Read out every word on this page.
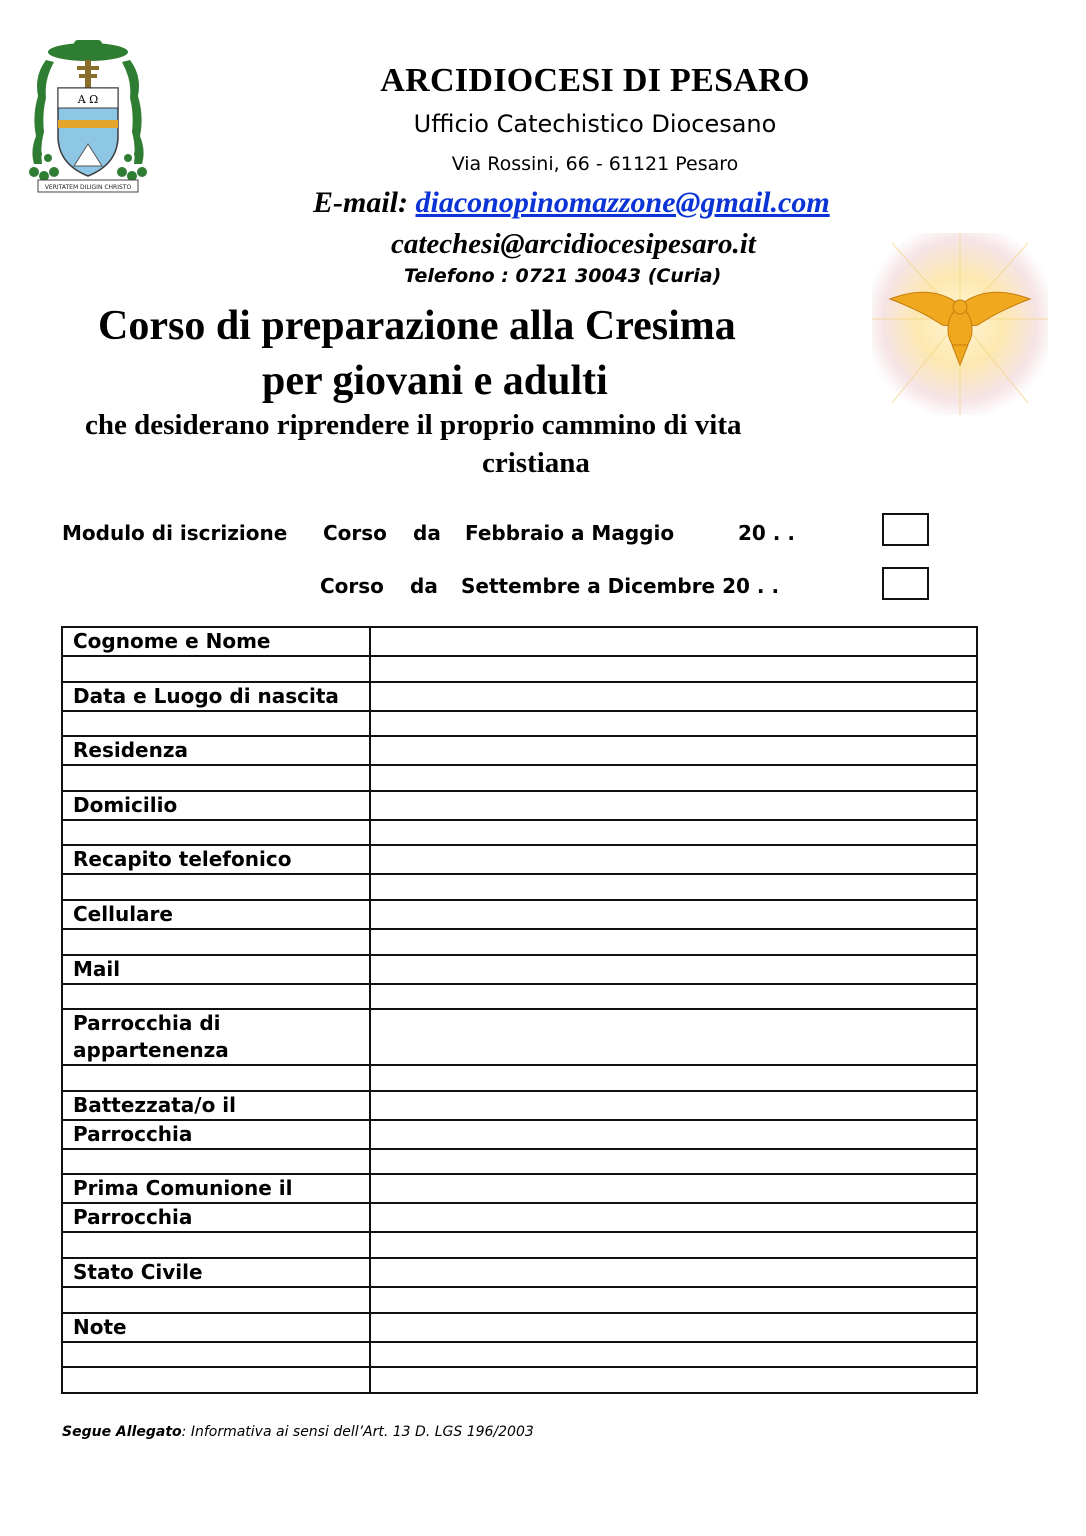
Α Ω
VERITATEM DILIGIN CHRISTO
ARCIDIOCESI DI PESARO
Ufficio Catechistico Diocesano
Via Rossini, 66 - 61121 Pesaro
E-mail: diaconopinomazzone@gmail.com
catechesi@arcidiocesipesaro.it
Telefono : 0721 30043 (Curia)
Corso di preparazione alla Cresima
per giovani e adulti
che desiderano riprendere il proprio cammino di vita
cristiana
Modulo di iscrizione Corso da Febbraio a Maggio	20 . .
Corso da Settembre a Dicembre 20 . .
Cognome e Nome	

Data e Luogo di nascita	

Residenza	

Domicilio	

Recapito telefonico	

Cellulare	

Mail	

Parrocchia di appartenenza	

Battezzata/o il	
Parrocchia	

Prima Comunione il	
Parrocchia	

Stato Civile	

Note	

Segue Allegato: Informativa ai sensi dell’Art. 13 D. LGS 196/2003
